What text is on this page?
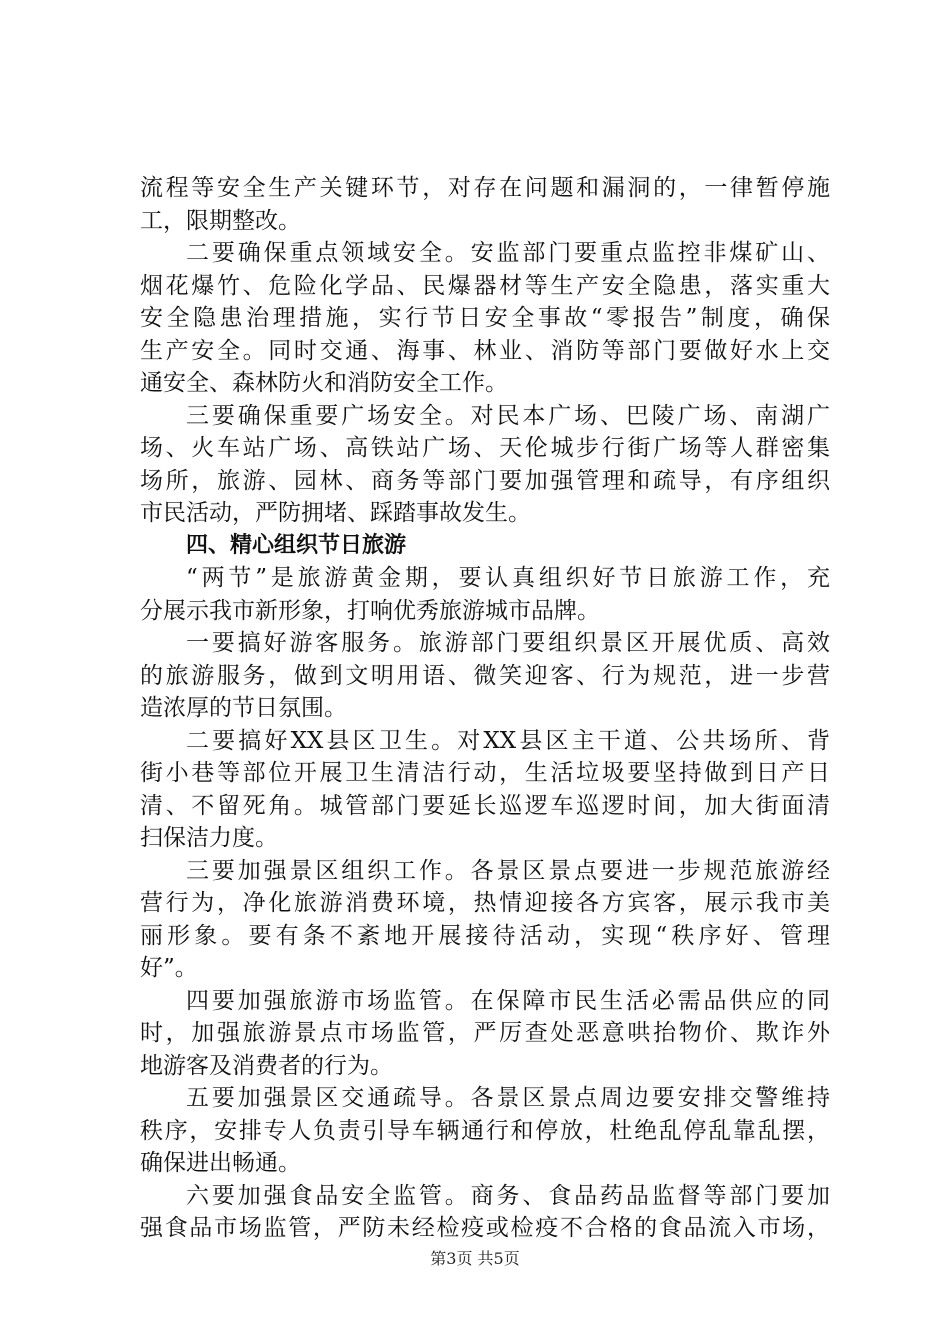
流程等安全生产关键环节，对存在问题和漏洞的，一律暂停施
工，限期整改。
二要确保重点领域安全。安监部门要重点监控非煤矿山、
烟花爆竹、危险化学品、民爆器材等生产安全隐患，落实重大
安全隐患治理措施，实行节日安全事故“零报告”制度，确保
生产安全。同时交通、海事、林业、消防等部门要做好水上交
通安全、森林防火和消防安全工作。
三要确保重要广场安全。对民本广场、巴陵广场、南湖广
场、火车站广场、高铁站广场、天伦城步行街广场等人群密集
场所，旅游、园林、商务等部门要加强管理和疏导，有序组织
市民活动，严防拥堵、踩踏事故发生。
四、精心组织节日旅游
“两节”是旅游黄金期，要认真组织好节日旅游工作，充
分展示我市新形象，打响优秀旅游城市品牌。
一要搞好游客服务。旅游部门要组织景区开展优质、高效
的旅游服务，做到文明用语、微笑迎客、行为规范，进一步营
造浓厚的节日氛围。
二要搞好XX县区卫生。对XX县区主干道、公共场所、背
街小巷等部位开展卫生清洁行动，生活垃圾要坚持做到日产日
清、不留死角。城管部门要延长巡逻车巡逻时间，加大街面清
扫保洁力度。
三要加强景区组织工作。各景区景点要进一步规范旅游经
营行为，净化旅游消费环境，热情迎接各方宾客，展示我市美
丽形象。要有条不紊地开展接待活动，实现“秩序好、管理
好”。
四要加强旅游市场监管。在保障市民生活必需品供应的同
时，加强旅游景点市场监管，严厉查处恶意哄抬物价、欺诈外
地游客及消费者的行为。
五要加强景区交通疏导。各景区景点周边要安排交警维持
秩序，安排专人负责引导车辆通行和停放，杜绝乱停乱靠乱摆，
确保进出畅通。
六要加强食品安全监管。商务、食品药品监督等部门要加
强食品市场监管，严防未经检疫或检疫不合格的食品流入市场，
第3页 共5页
